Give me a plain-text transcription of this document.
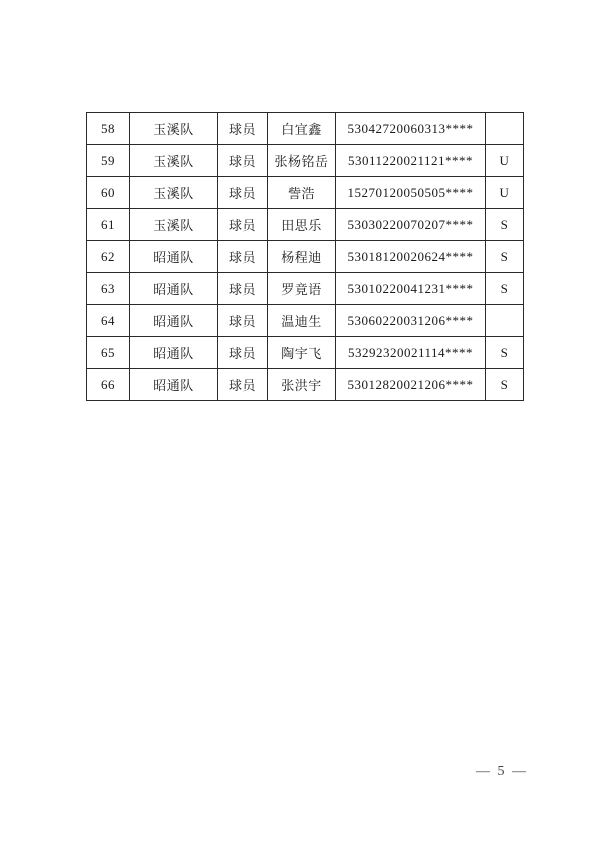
58	玉溪队	球员	白宜鑫	53042720060313****	
59	玉溪队	球员	张杨铭岳	53011220021121****	U
60	玉溪队	球员	訾浩	15270120050505****	U
61	玉溪队	球员	田思乐	53030220070207****	S
62	昭通队	球员	杨程迪	53018120020624****	S
63	昭通队	球员	罗竟语	53010220041231****	S
64	昭通队	球员	温迪生	53060220031206****	
65	昭通队	球员	陶宇飞	53292320021114****	S
66	昭通队	球员	张洪宇	53012820021206****	S
— 5 —
